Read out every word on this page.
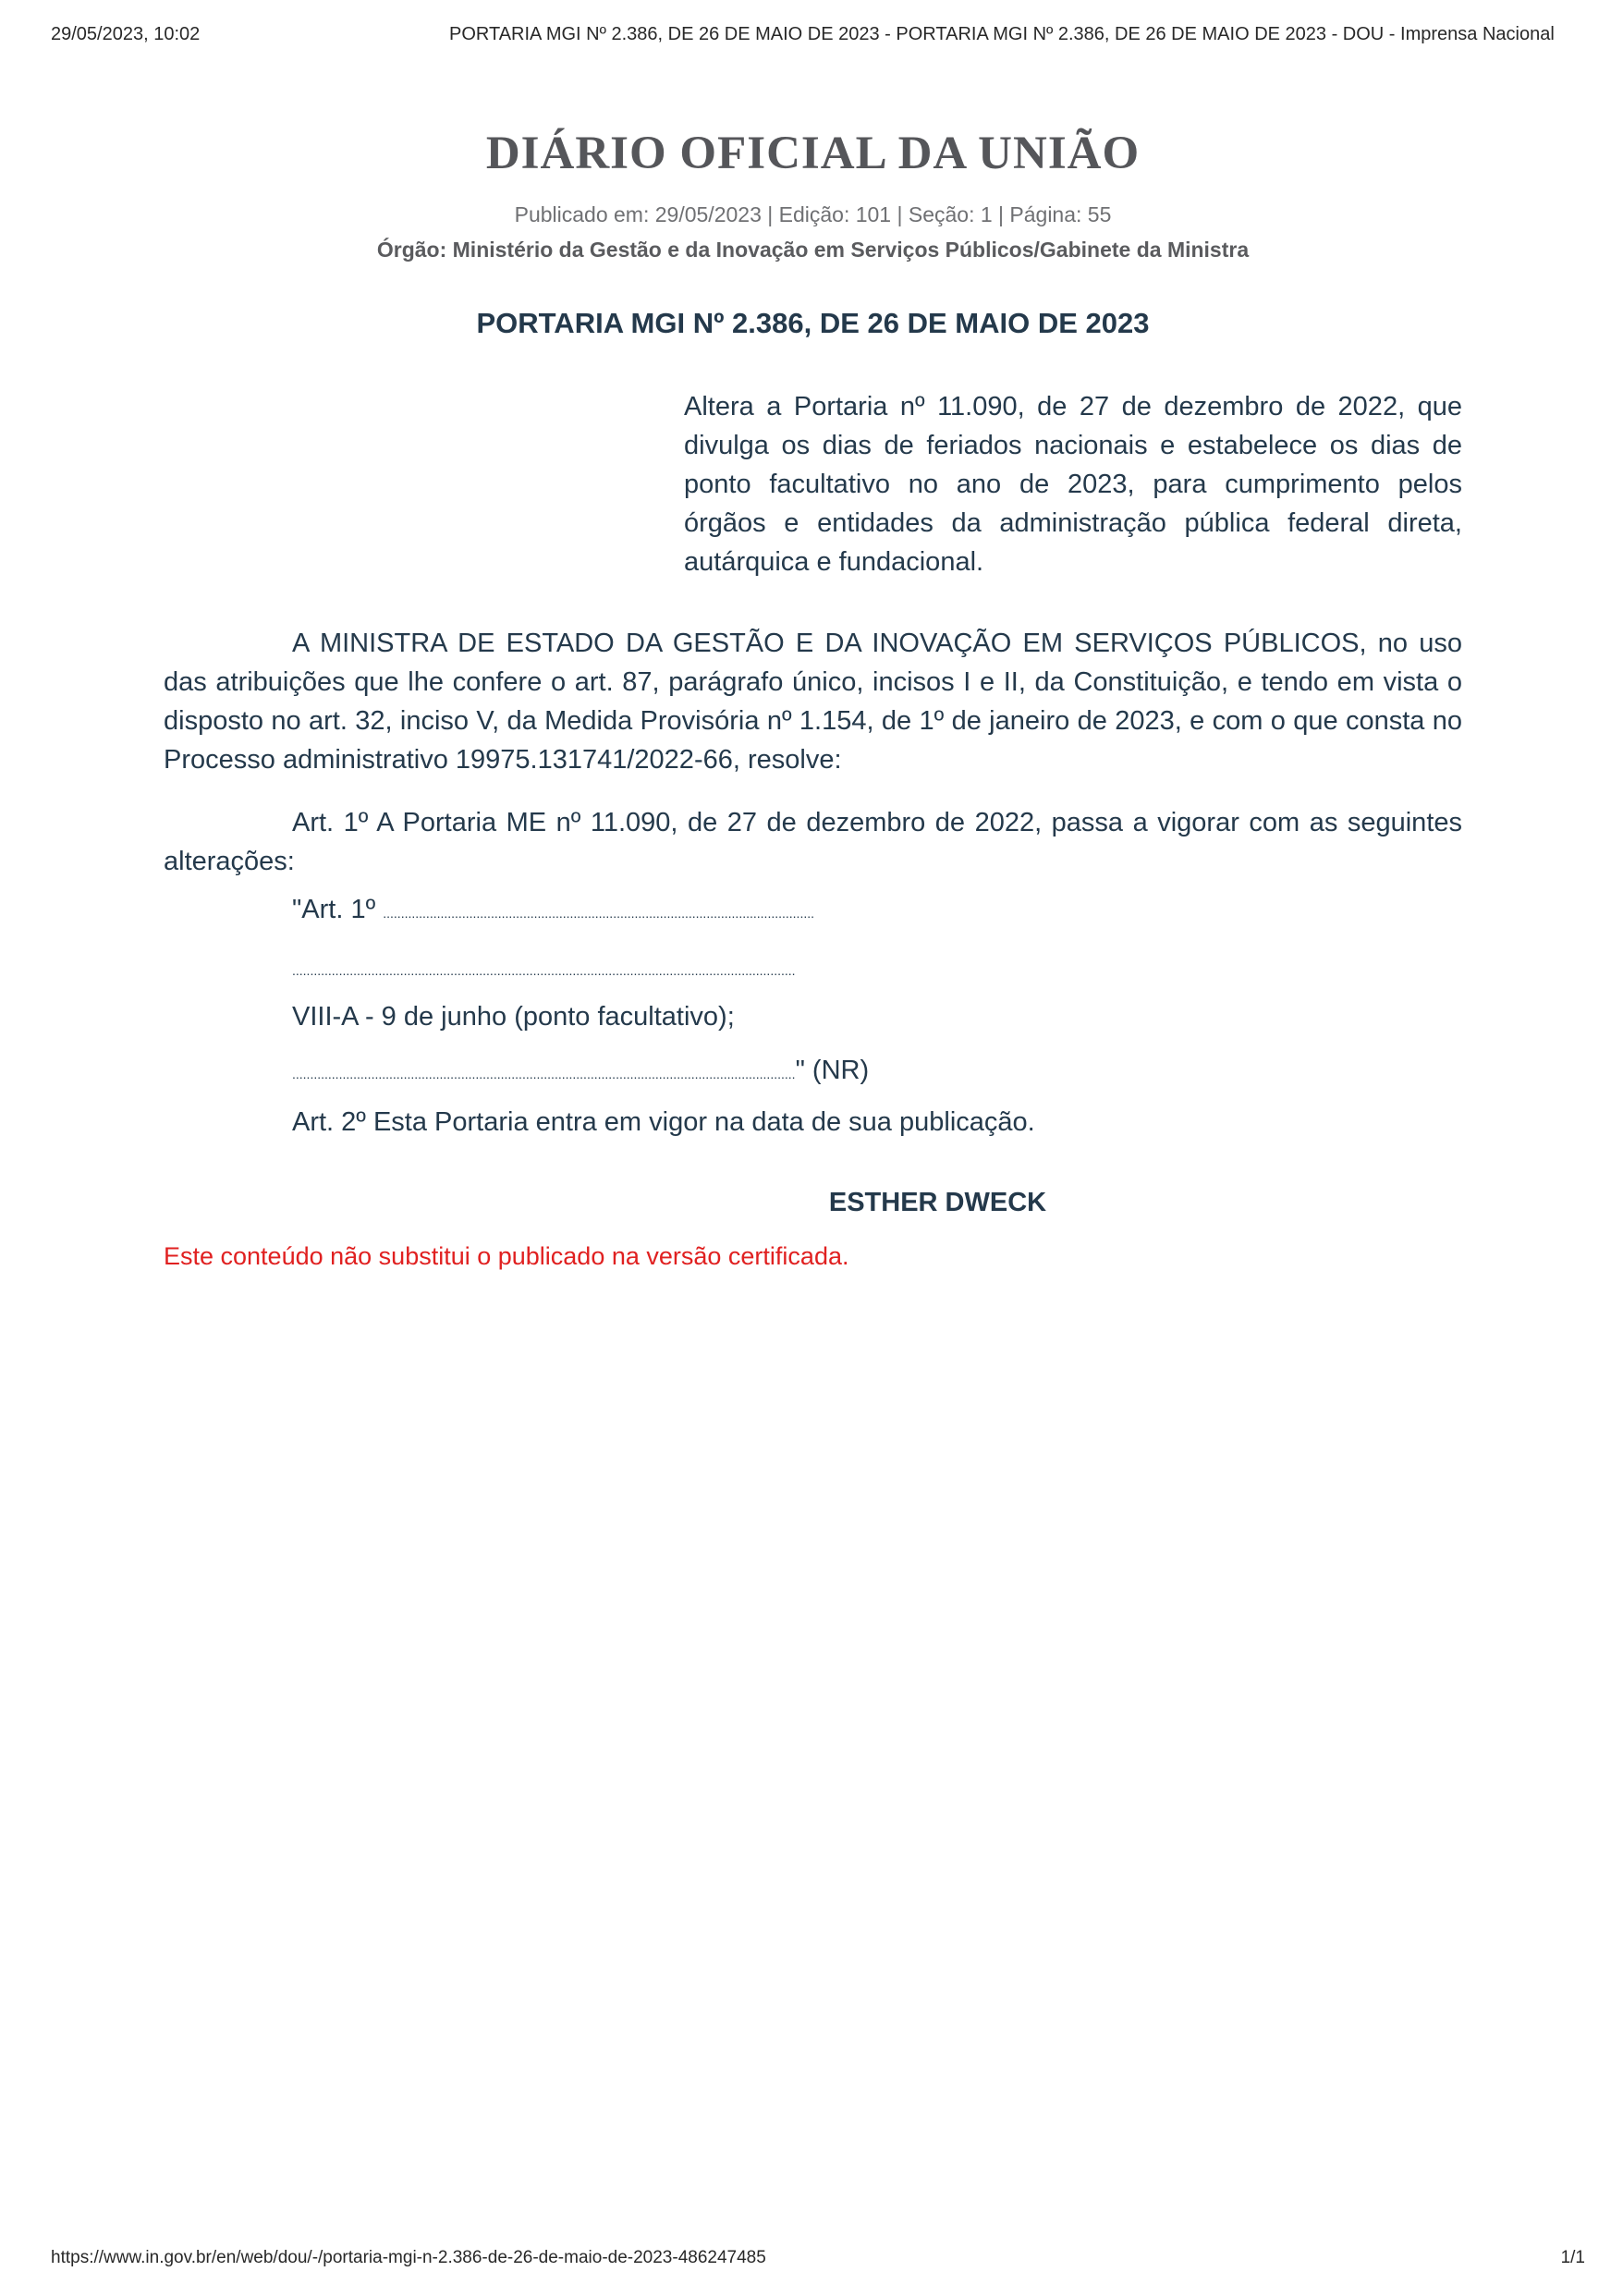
29/05/2023, 10:02	PORTARIA MGI Nº 2.386, DE 26 DE MAIO DE 2023 - PORTARIA MGI Nº 2.386, DE 26 DE MAIO DE 2023 - DOU - Imprensa Nacional
DIÁRIO OFICIAL DA UNIÃO

Publicado em: 29/05/2023 | Edição: 101 | Seção: 1 | Página: 55

Órgão: Ministério da Gestão e da Inovação em Serviços Públicos/Gabinete da Ministra

PORTARIA MGI Nº 2.386, DE 26 DE MAIO DE 2023
Altera a Portaria nº 11.090, de 27 de dezembro de 2022, que divulga os dias de feriados nacionais e estabelece os dias de ponto facultativo no ano de 2023, para cumprimento pelos órgãos e entidades da administração pública federal direta, autárquica e fundacional.

A MINISTRA DE ESTADO DA GESTÃO E DA INOVAÇÃO EM SERVIÇOS PÚBLICOS, no uso das atribuições que lhe confere o art. 87, parágrafo único, incisos I e II, da Constituição, e tendo em vista o disposto no art. 32, inciso V, da Medida Provisória nº 1.154, de 1º de janeiro de 2023, e com o que consta no Processo administrativo 19975.131741/2022-66, resolve:

Art. 1º A Portaria ME nº 11.090, de 27 de dezembro de 2022, passa a vigorar com as seguintes alterações:

"Art. 1º ........................................................................................................................

............................................................................................................................................

VIII-A - 9 de junho (ponto facultativo);

............................................................................................................................................" (NR)

Art. 2º Esta Portaria entra em vigor na data de sua publicação.

ESTHER DWECK

Este conteúdo não substitui o publicado na versão certificada.

https://www.in.gov.br/en/web/dou/-/portaria-mgi-n-2.386-de-26-de-maio-de-2023-486247485	1/1
